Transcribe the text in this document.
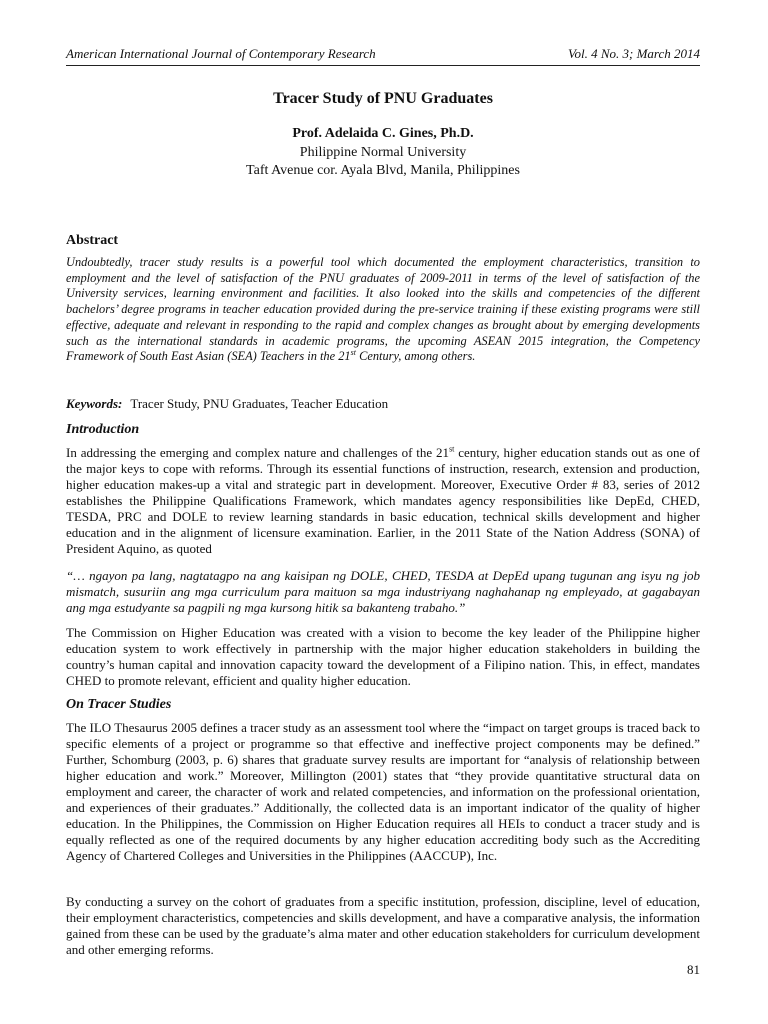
American International Journal of Contemporary Research	Vol. 4 No. 3; March 2014
Tracer Study of PNU Graduates
Prof. Adelaida C. Gines, Ph.D.
Philippine Normal University
Taft Avenue cor. Ayala Blvd, Manila, Philippines
Abstract

Undoubtedly, tracer study results is a powerful tool which documented the employment characteristics, transition to employment and the level of satisfaction of the PNU graduates of 2009-2011 in terms of the level of satisfaction of the University services, learning environment and facilities. It also looked into the skills and competencies of the different bachelors’ degree programs in teacher education provided during the pre-service training if these existing programs were still effective, adequate and relevant in responding to the rapid and complex changes as brought about by emerging developments such as the international standards in academic programs, the upcoming ASEAN 2015 integration, the Competency Framework of South East Asian (SEA) Teachers in the 21st Century, among others.

Keywords: Tracer Study, PNU Graduates, Teacher Education
Introduction

In addressing the emerging and complex nature and challenges of the 21st century, higher education stands out as one of the major keys to cope with reforms. Through its essential functions of instruction, research, extension and production, higher education makes-up a vital and strategic part in development. Moreover, Executive Order # 83, series of 2012 establishes the Philippine Qualifications Framework, which mandates agency responsibilities like DepEd, CHED, TESDA, PRC and DOLE to review learning standards in basic education, technical skills development and higher education and in the alignment of licensure examination. Earlier, in the 2011 State of the Nation Address (SONA) of President Aquino, as quoted

“… ngayon pa lang, nagtatagpo na ang kaisipan ng DOLE, CHED, TESDA at DepEd upang tugunan ang isyu ng job mismatch, susuriin ang mga curriculum para maituon sa mga industriyang naghahanap ng empleyado, at gagabayan ang mga estudyante sa pagpili ng mga kursong hitik sa bakanteng trabaho.”

The Commission on Higher Education was created with a vision to become the key leader of the Philippine higher education system to work effectively in partnership with the major higher education stakeholders in building the country’s human capital and innovation capacity toward the development of a Filipino nation. This, in effect, mandates CHED to promote relevant, efficient and quality higher education.

On Tracer Studies

The ILO Thesaurus 2005 defines a tracer study as an assessment tool where the “impact on target groups is traced back to specific elements of a project or programme so that effective and ineffective project components may be defined.” Further, Schomburg (2003, p. 6) shares that graduate survey results are important for “analysis of relationship between higher education and work.” Moreover, Millington (2001) states that “they provide quantitative structural data on employment and career, the character of work and related competencies, and information on the professional orientation, and experiences of their graduates.” Additionally, the collected data is an important indicator of the quality of higher education. In the Philippines, the Commission on Higher Education requires all HEIs to conduct a tracer study and is equally reflected as one of the required documents by any higher education accrediting body such as the Accrediting Agency of Chartered Colleges and Universities in the Philippines (AACCUP), Inc.

By conducting a survey on the cohort of graduates from a specific institution, profession, discipline, level of education, their employment characteristics, competencies and skills development, and have a comparative analysis, the information gained from these can be used by the graduate’s alma mater and other education stakeholders for curriculum development and other emerging reforms.

81
